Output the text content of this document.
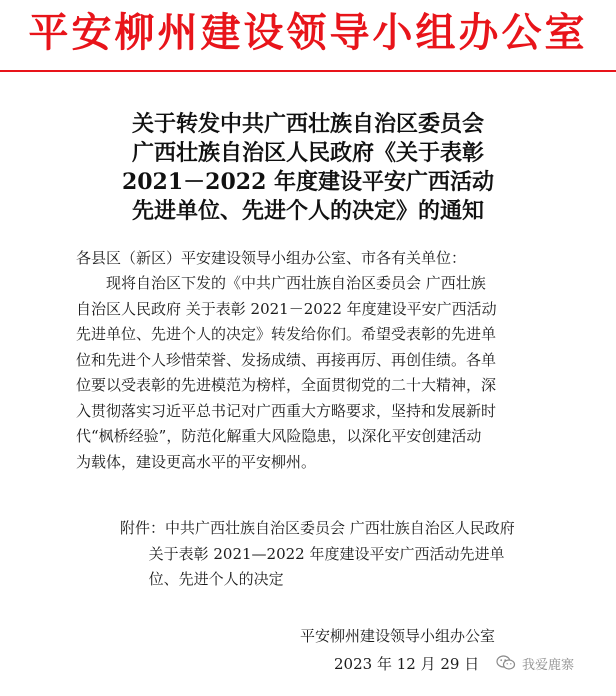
平安柳州建设领导小组办公室
关于转发中共广西壮族自治区委员会
广西壮族自治区人民政府《关于表彰
2021－2022 年度建设平安广西活动
先进单位、先进个人的决定》的通知
各县区（新区）平安建设领导小组办公室、市各有关单位：
　　现将自治区下发的《中共广西壮族自治区委员会 广西壮族
自治区人民政府 关于表彰 2021－2022 年度建设平安广西活动
先进单位、先进个人的决定》转发给你们。希望受表彰的先进单
位和先进个人珍惜荣誉、发扬成绩、再接再厉、再创佳绩。各单
位要以受表彰的先进模范为榜样，全面贯彻党的二十大精神，深
入贯彻落实习近平总书记对广西重大方略要求，坚持和发展新时
代“枫桥经验”，防范化解重大风险隐患，以深化平安创建活动
为载体，建设更高水平的平安柳州。
附件：中共广西壮族自治区委员会 广西壮族自治区人民政府
关于表彰 2021—2022 年度建设平安广西活动先进单
位、先进个人的决定
平安柳州建设领导小组办公室
2023 年 12 月 29 日	我爱鹿寨
